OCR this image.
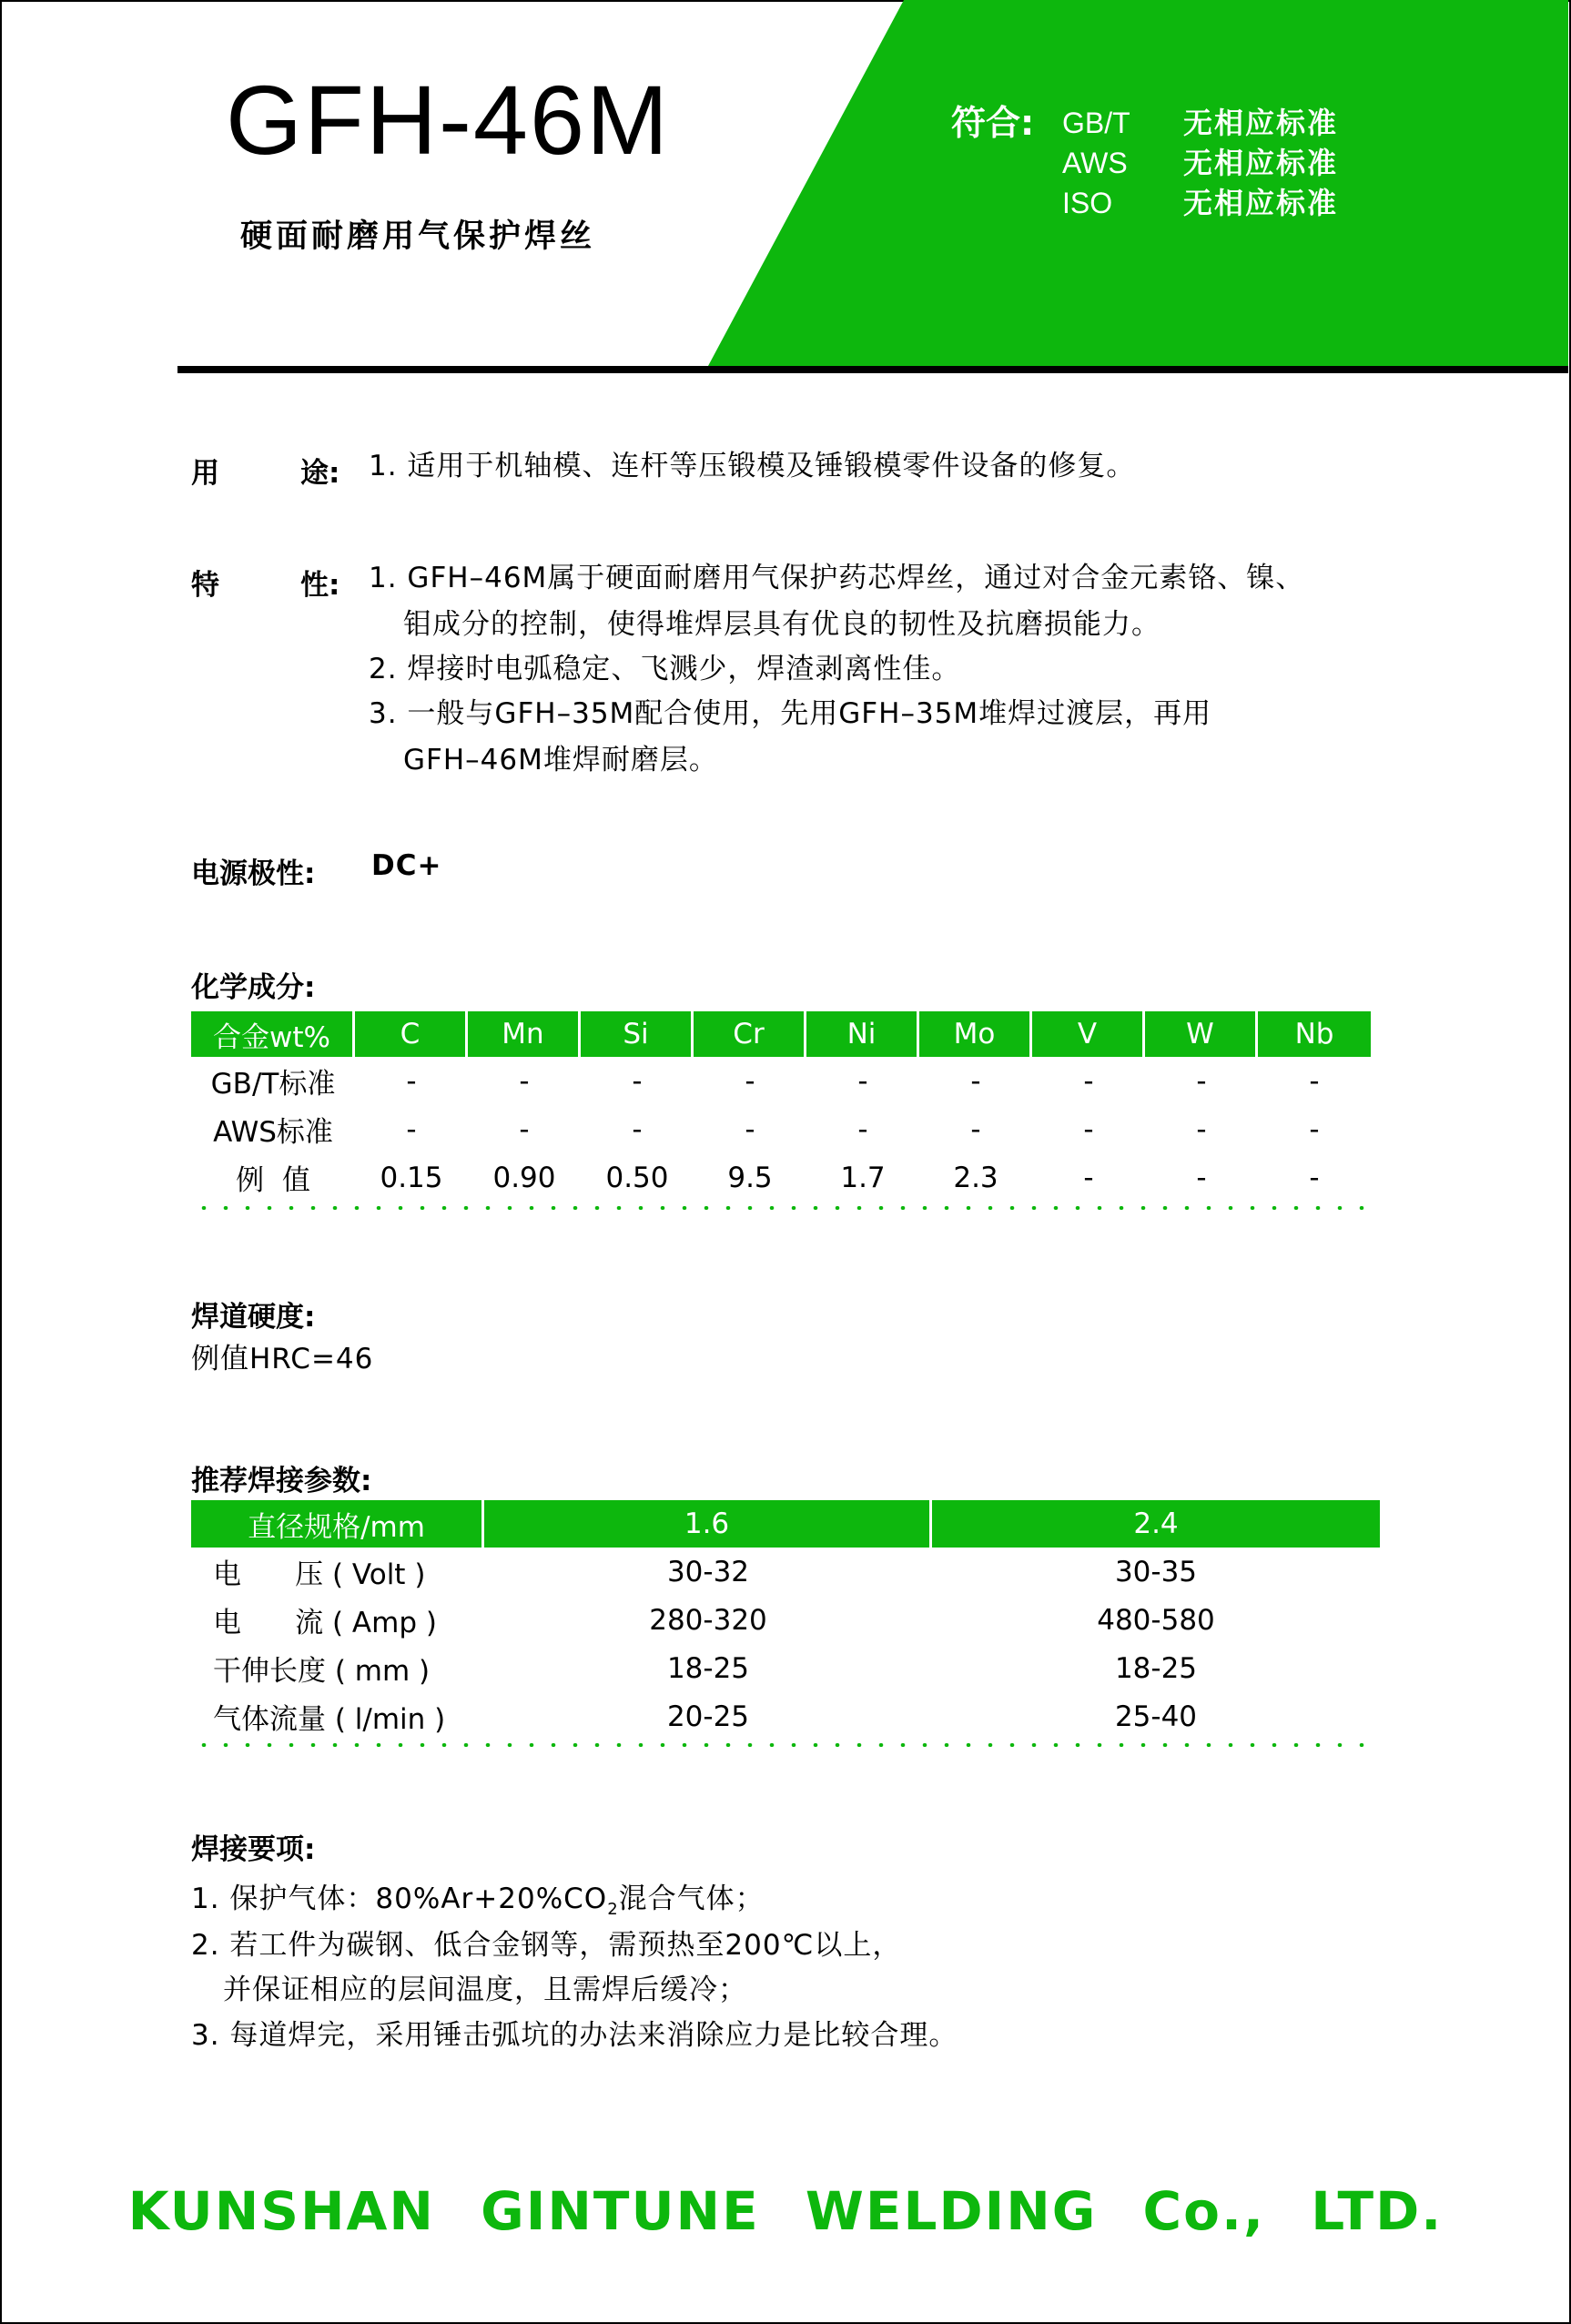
GFH-46M
硬面耐磨用气保护焊丝
符合: GB/T 无相应标准
AWS 无相应标准
ISO 无相应标准
用	途: 1. 适用于机轴模、连杆等压锻模及锤锻模零件设备的修复。
特	性: 1. GFH–46M属于硬面耐磨用气保护药芯焊丝，通过对合金元素铬、镍、
钼成分的控制，使得堆焊层具有优良的韧性及抗磨损能力。
2. 焊接时电弧稳定、飞溅少，焊渣剥离性佳。
3. 一般与GFH–35M配合使用，先用GFH–35M堆焊过渡层，再用
GFH–46M堆焊耐磨层。
电源极性: DC+
化学成分:
合金wt%	C	Mn	Si	Cr	Ni	Mo	V	W	Nb
GB/T标准	-	-	-	-	-	-	-	-	-
AWS标准	-	-	-	-	-	-	-	-	-
例  值	0.15	0.90	0.50	9.5	1.7	2.3	-	-	-
焊道硬度:
例值HRC=46
推荐焊接参数:
直径规格/mm	1.6	2.4
电      压 ( Volt )	30-32	30-35
电      流 ( Amp )	280-320	480-580
干伸长度 ( mm )	18-25	18-25
气体流量 ( l/min )	20-25	25-40
焊接要项:
1. 保护气体：$80\%Ar+20\%CO_2$混合气体；
2. 若工件为碳钢、低合金钢等，需预热至200℃以上，
并保证相应的层间温度，且需焊后缓冷；
3. 每道焊完，采用锤击弧坑的办法来消除应力是比较合理。
KUNSHAN GINTUNE WELDING Co., LTD.
